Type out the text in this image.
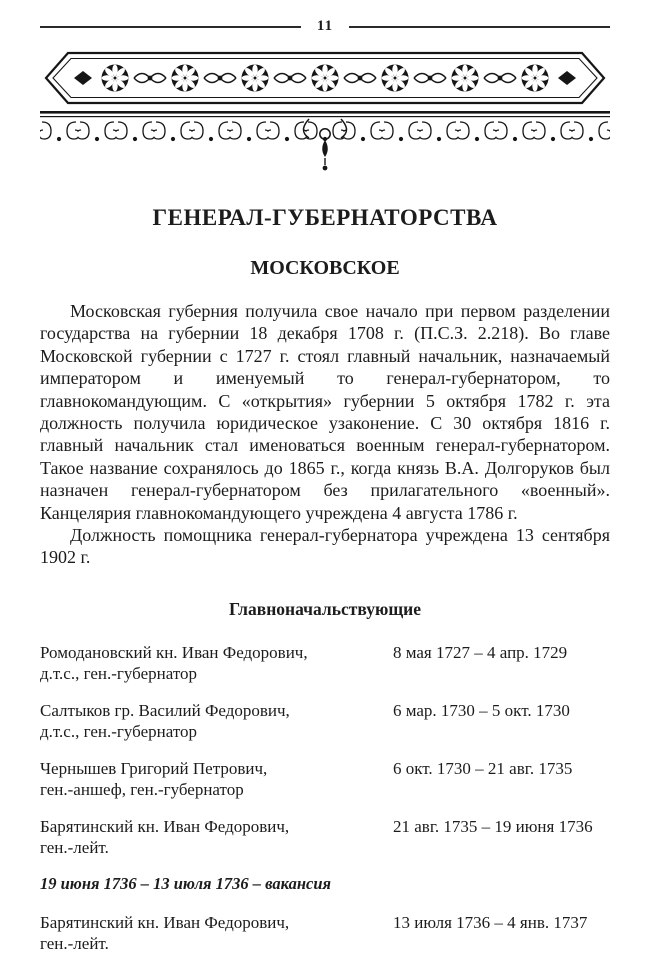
11
ГЕНЕРАЛ-ГУБЕРНАТОРСТВА
МОСКОВСКОЕ

Московская губерния получила свое начало при первом разделении государства на губернии 18 декабря 1708 г. (П.С.З. 2.218). Во главе Московской губернии с 1727 г. стоял главный начальник, назначаемый императором и именуемый то генерал-губернатором, то главнокомандующим. С «открытия» губернии 5 октября 1782 г. эта должность получила юридическое узаконение. С 30 октября 1816 г. главный начальник стал именоваться военным генерал-губернатором. Такое название сохранялось до 1865 г., когда князь В.А. Долгоруков был назначен генерал-губернатором без прилагательного «военный». Канцелярия главнокомандующего учреждена 4 августа 1786 г.

Должность помощника генерал-губернатора учреждена 13 сентября 1902 г.

Главноначальствующие
Ромодановский кн. Иван Федорович,
д.т.с., ген.-губернатор
8 мая 1727 – 4 апр. 1729
Салтыков гр. Василий Федорович,
д.т.с., ген.-губернатор
6 мар. 1730 – 5 окт. 1730
Чернышев Григорий Петрович,
ген.-аншеф, ген.-губернатор
6 окт. 1730 – 21 авг. 1735
Барятинский кн. Иван Федорович,
ген.-лейт.
21 авг. 1735 – 19 июня 1736
19 июня 1736 – 13 июля 1736 – вакансия
Барятинский кн. Иван Федорович,
ген.-лейт.
13 июля 1736 – 4 янв. 1737
